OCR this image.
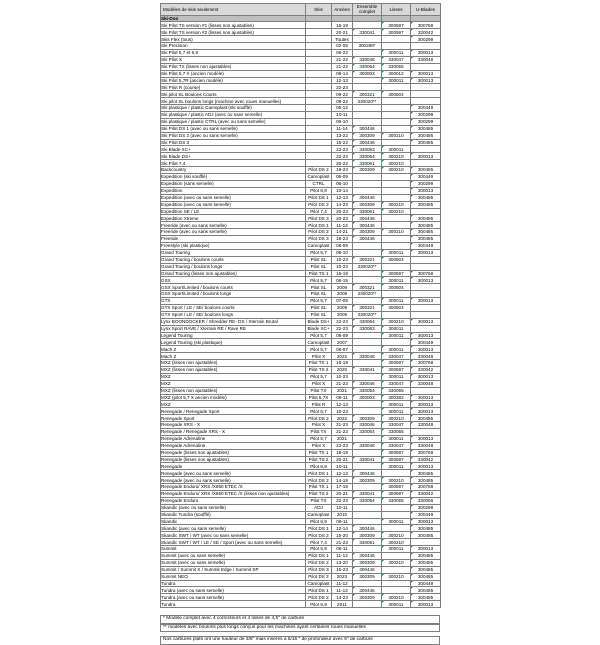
Modèles de skis seulement	Skis	Années	Ensemble complet	Lisses	U-Blades
Ski-Doo					
Ski Pilot TS version #1 (lisses non ajustables)		16-19		300597	300768
Ski Pilot TS version #2 (lisses non ajustables)		20-21	330041	300597	330042
Skis Flex (tous)		Toutes			300299
Ski Precision		02-06	300288*		
Ski Pilot 5,7 et 6,9		06-22		300011	300013
Ski Pilot X		21-22	330046	330047	330048
Ski Pilot TX (lisses non ajustables)		21-22	330054	330055	
Ski Pilot 5,7 X (ancien modèle)		09-14	300003	300012	300013
Ski Pilot 5,7R (ancien modèle)		12-13		300011	300013
Ski Pilot R (course)		22-23			
Ski pilot SL Boulons Courts		09-22	300321	300504	
Ski pilot SL boulons longs (machine avec roues manuelles)		09-22	330020**		
Ski plastique / plastic Camoplast (ski soufflé)		05-12			300449
Ski plastique / plastic ADJ (avec ou sans semelle)		10-11			300299
Ski plastique / plastic CTRL (avec ou sans semelle)		06-10			300299
Ski Pilot DS 1 (avec ou sans semelle)		11-14	300446		300485
Ski Pilot DS 2 (avec ou sans semelle)		13-22	300309	300210	300485
Ski Pilot DS 3		15-22	300446		300485
Ski Blade XC+		22-23	330063	300011	
Ski Blade DS+		22-23	330064	300210	300013
Ski Pilot 7,4		20-22	330061	300210	
Backcountry	Pilot DS 2	19-23	300309	300210	300485
Expedition (ski soufflé)	Camoplast	05-09			300449
Expedition (sans semelle)	CTRL	06-10			300299
Expedition	Pilot 6,9	10-14			300013
Expedition (avec ou sans semelle)	Pilot DS 1	12-13	300446		300485
Expedition (avec ou sans semelle)	Pilot DS 2	14-23	300309	300210	300485
Expedition SE / LE	Pilot 7,4	20-23	330061	300210	
Expedition Xtreme	Pilot DS 3	20-23	300446		300485
Freeride (avec ou sans semelle)	Pilot DS 1	11-13	300446		300485
Freeride (avec ou sans semelle)	Pilot DS 2	14-21	300309	300210	300485
Freeride	Pilot DS 3	18-23	300446		300485
Freestyle (ski plastique)	Camoplast	06-09			300449
Grand Touring	Pilot 5,7	06-10		300011	300013
Grand Touring / boulons courts	Pilot SL	10-23	300321	300504	
Grand Touring / boulons longs	Pilot SL	10-23	330020**		
Grand Touring (lisses non ajustables)	Pilot TS 1	16-19		300597	300768
GSX	Pilot 5,7	06-15		300011	300013
GSX Sport/Limited / boulons courts	Pilot SL	2009	300321	300504	
GSX Sport/Limited / boulons longs	Pilot SL	2009	330020**		
GTX	Pilot 5,7	07-09		300011	300013
GTX Sport / LE / SE/ boulons courts	Pilot SL	2009	300321	300504	
GTX Sport / LE / SE/ boulons longs	Pilot SL	2009	330020**		
Lynx BOONDOCKER / Shredder RE- DS / Xterrain Brutal	Blade DS+	22-23	330064	300210	300013
Lynx Sport RAVE / Xterrain RE / Rave RE	Blade XC+	22-23	330063	300011	
Legend Touring	Pilot 5,7	08-09		300011	300013
Legend Touring (ski plastique)	Camoplast	2007			300449
Mach Z	Pilot 5,7	06-07		300011	300013
Mach Z	Pilot X	2022	330046	330047	330048
MXZ (lisses non ajustables)	Pilot TS 1	16-19		300597	300768
MXZ (lisses non ajustables)	Pilot TS 2	2020	330041	300597	330042
MXZ	Pilot 5,7	10-23		300011	300013
MXZ	Pilot X	21-23	330046	330047	330048
MXZ (lisses non ajustables)	Pilot TX	2021	330054	330055	
MXZ (pilot 5,7 X ancien modèle)	Pilot 5,7X	09-11	300003	300382	300013
MXZ	Pilot R	12-13		300011	300013
Renegade / Renegade Sport	Pilot 5,7	10-23		300011	300013
Renegade Sport	Pilot DS 2	2022	300309	300210	300485
Renegade XRS - X	Pilot X	21-23	330046	330047	330048
Renegade / Renegade XRS - X	Pilot TX	21-23	330054	330055	
Renegade Adrenaline	Pilot 5,7	2021		300011	300013
Renegade Adrenaline	Pilot X	22-23	330046	330047	330048
Renegade (lisses non ajustables)	Pilot TS 1	18-19		300597	300768
Renegade (lisses non ajustables)	Pilot TS 2	20-21	330041	300597	330042
Renegade	Pilot 6,9	10-11		300011	300013
Renegade (avec ou sans semelle)	Pilot DS 1	12-13	300446		300485
Renegade (avec ou sans semelle)	Pilot DS 2	14-18	300309	300210	300485
Renegade Enduro/ XRS /X850 ETEC /X	Pilot TS 1	17-19		300597	300768
Renegade Enduro/ XRS /X850 ETEC /X (lisses non ajustables)	Pilot TS 2	20-21	330041	300597	330042
Renegade Enduro	Pilot TX	22-23	330054	330055	330056
Skandic (avec ou sans semelle)	ADJ	10-11			300299
Skandic Tundra (soufflé)	Camoplast	2010			300449
Skandic	Pilot 6,9	09-11		300011	300013
Skandic (avec ou sans semelle)	Pilot DS 1	12-14	300446		300485
Skandic SWT / WT (avec ou sans semelle)	Pilot DS 2	15-20	300309	300210	300485
Skandic SWT / WT / LE / SE / Sport (avec ou sans semelle)	Pilot 7,4	21-23	330061	300210	
Summit	Pilot 6,9	06-11		300011	300013
Summit (avec ou sans semelle)	Pilot DS 1	11-13	300446		300485
Summit (avec ou sans semelle)	Pilot DS 2	13-20	300309	300210	300485
Summit / Summit X / Summit Edge / Summit SP	Pilot DS 3	15-23	300446		300485
Summit NEO	Pilot DS 2	2023	300309	300210	300485
Tundra	Camoplast	11-12			300449
Tundra (avec ou sans semelle)	Pilot DS 1	11-13	300446		300485
Tundra (avec ou sans semelle)	Pilot DS 2	14-23	300309	300210	300485
Tundra	Pilot 6,9	2011		300011	300013
* Modèle complet avec 4 correcteurs et 4 lisses de 4,5" de carbure
** modèles avec boulons plus longs conçus pour les machines ayant certaines roues manuelles
Nos carbures plats ont une hauteur de 3/8" mais insérés à 5/16 " de profondeur avec 6" de carbure
